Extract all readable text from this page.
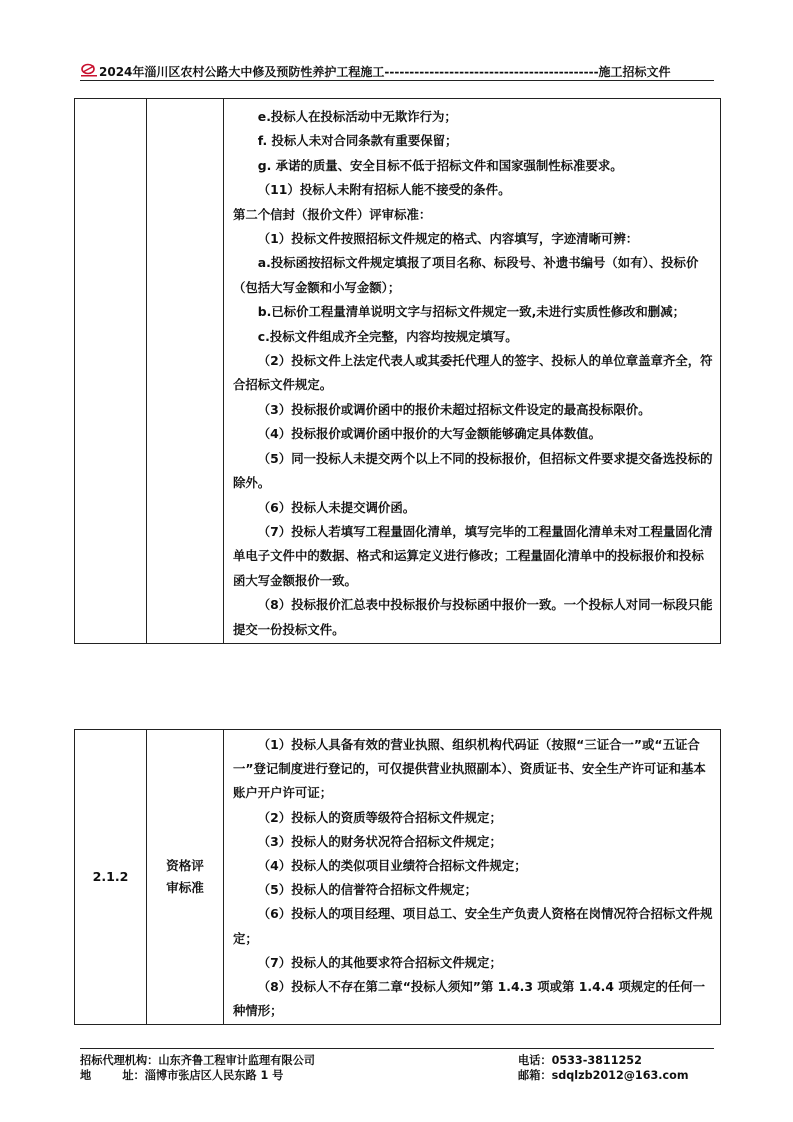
2024年淄川区农村公路大中修及预防性养护工程施工-------------------------------------------施工招标文件

e.投标人在投标活动中无欺诈行为；

f. 投标人未对合同条款有重要保留；

g. 承诺的质量、安全目标不低于招标文件和国家强制性标准要求。

（11）投标人未附有招标人能不接受的条件。

第二个信封（报价文件）评审标准：

（1）投标文件按照招标文件规定的格式、内容填写，字迹清晰可辨：

a.投标函按招标文件规定填报了项目名称、标段号、补遗书编号（如有）、投标价（包括大写金额和小写金额）；

b.已标价工程量清单说明文字与招标文件规定一致,未进行实质性修改和删减；

c.投标文件组成齐全完整，内容均按规定填写。

（2）投标文件上法定代表人或其委托代理人的签字、投标人的单位章盖章齐全，符合招标文件规定。

（3）投标报价或调价函中的报价未超过招标文件设定的最高投标限价。

（4）投标报价或调价函中报价的大写金额能够确定具体数值。

（5）同一投标人未提交两个以上不同的投标报价，但招标文件要求提交备选投标的除外。

（6）投标人未提交调价函。

（7）投标人若填写工程量固化清单，填写完毕的工程量固化清单未对工程量固化清单电子文件中的数据、格式和运算定义进行修改；工程量固化清单中的投标报价和投标函大写金额报价一致。

（8）投标报价汇总表中投标报价与投标函中报价一致。一个投标人对同一标段只能提交一份投标文件。

2.1.2	
资格评审标准

（1）投标人具备有效的营业执照、组织机构代码证（按照“三证合一”或“五证合一”登记制度进行登记的，可仅提供营业执照副本）、资质证书、安全生产许可证和基本账户开户许可证；

（2）投标人的资质等级符合招标文件规定；

（3）投标人的财务状况符合招标文件规定；

（4）投标人的类似项目业绩符合招标文件规定；

（5）投标人的信誉符合招标文件规定；

（6）投标人的项目经理、项目总工、安全生产负责人资格在岗情况符合招标文件规定；

（7）投标人的其他要求符合招标文件规定；

（8）投标人不存在第二章“投标人须知”第 1.4.3 项或第 1.4.4 项规定的任何一种情形；

招标代理机构：山东齐鲁工程审计监理有限公司	电话：0533-3811252
地        址：淄博市张店区人民东路 1 号	邮箱：sdqlzb2012@163.com
